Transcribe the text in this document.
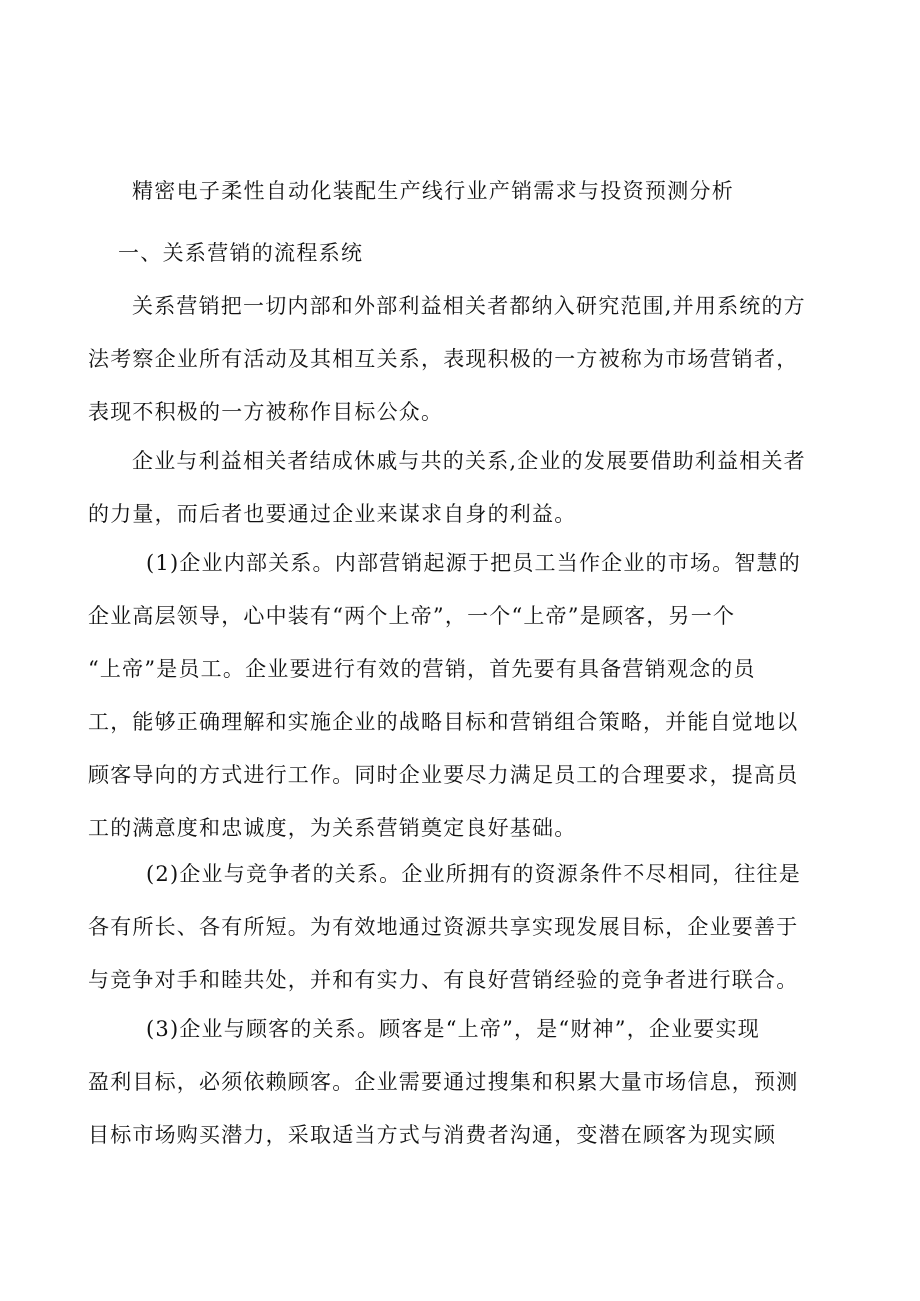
精密电子柔性自动化装配生产线行业产销需求与投资预测分析
一、关系营销的流程系统
关系营销把一切内部和外部利益相关者都纳入研究范围,并用系统的方
法考察企业所有活动及其相互关系，表现积极的一方被称为市场营销者，
表现不积极的一方被称作目标公众。
企业与利益相关者结成休戚与共的关系,企业的发展要借助利益相关者
的力量，而后者也要通过企业来谋求自身的利益。
(1)企业内部关系。内部营销起源于把员工当作企业的市场。智慧的
企业高层领导，心中装有“两个上帝”，一个“上帝”是顾客，另一个
“上帝”是员工。企业要进行有效的营销，首先要有具备营销观念的员
工，能够正确理解和实施企业的战略目标和营销组合策略，并能自觉地以
顾客导向的方式进行工作。同时企业要尽力满足员工的合理要求，提高员
工的满意度和忠诚度，为关系营销奠定良好基础。
(2)企业与竞争者的关系。企业所拥有的资源条件不尽相同，往往是
各有所长、各有所短。为有效地通过资源共享实现发展目标，企业要善于
与竞争对手和睦共处，并和有实力、有良好营销经验的竞争者进行联合。
(3)企业与顾客的关系。顾客是“上帝”，是“财神”，企业要实现
盈利目标，必须依赖顾客。企业需要通过搜集和积累大量市场信息，预测
目标市场购买潜力，采取适当方式与消费者沟通，变潜在顾客为现实顾
